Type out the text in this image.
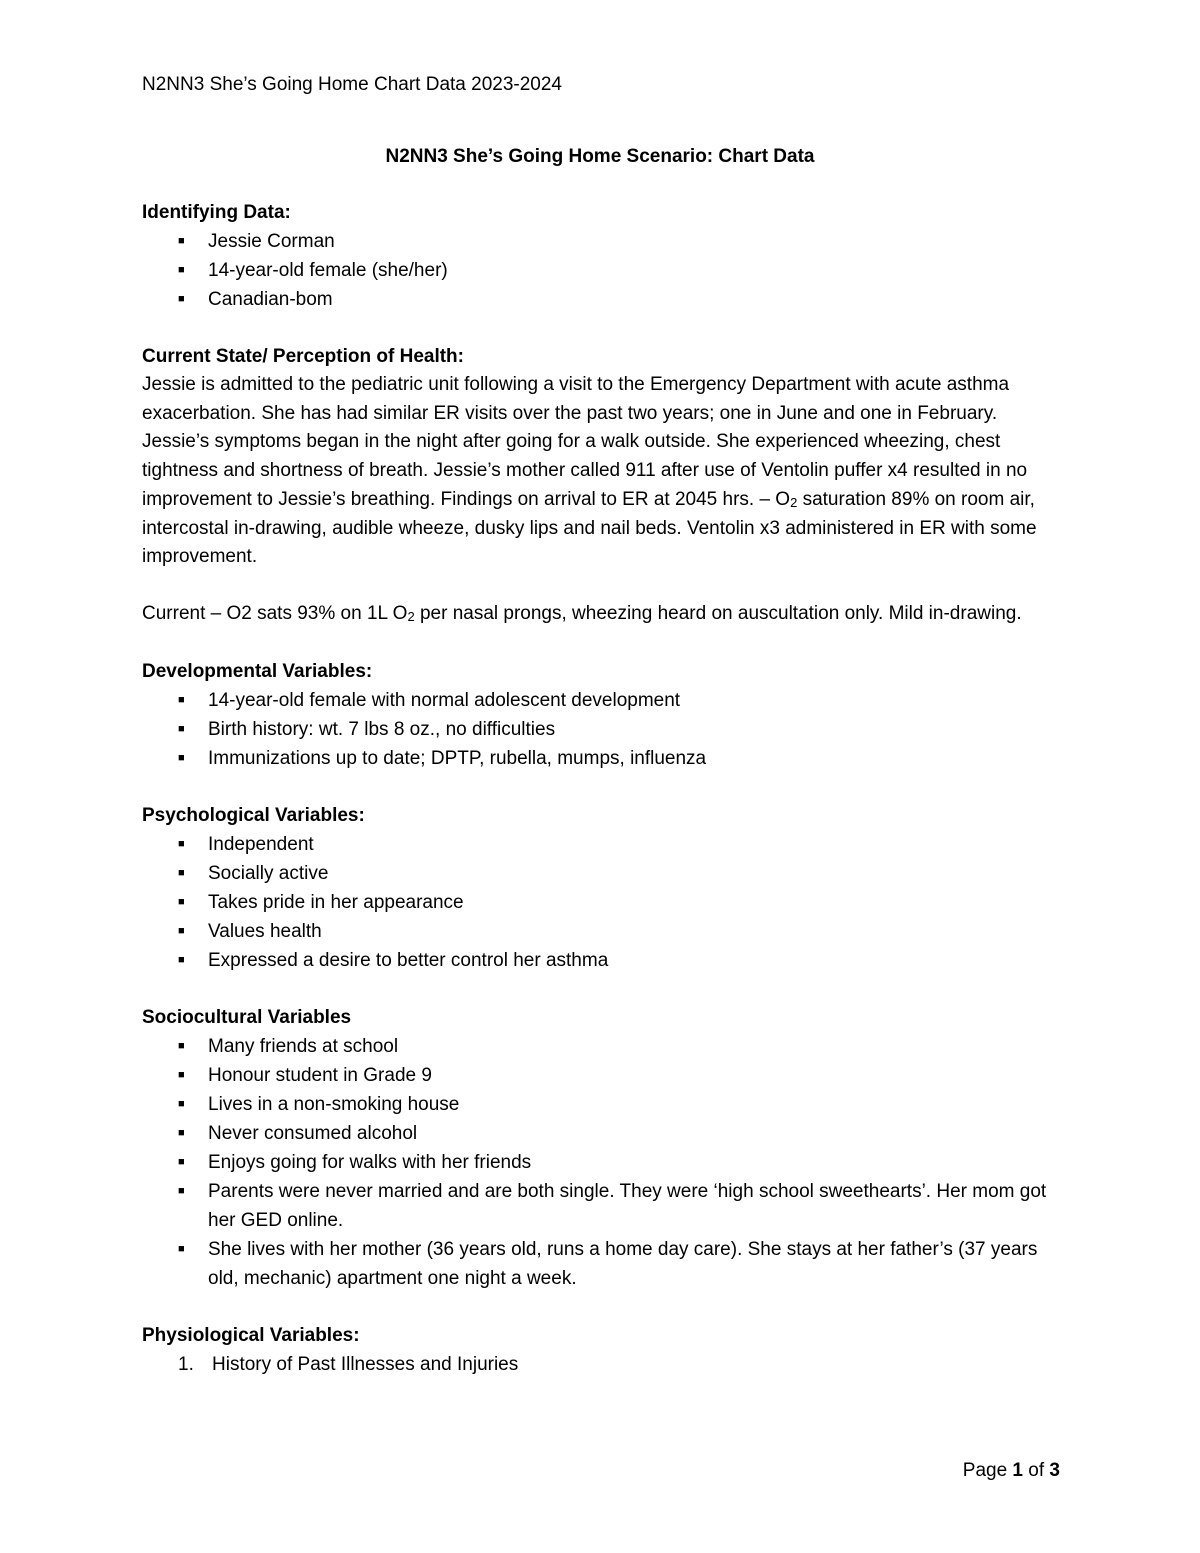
N2NN3 She’s Going Home Chart Data 2023-2024
N2NN3 She’s Going Home Scenario: Chart Data
Identifying Data:
■ Jessie Corman
■ 14-year-old female (she/her)
■ Canadian-bom
Current State/ Perception of Health:

Jessie is admitted to the pediatric unit following a visit to the Emergency Department with acute asthma exacerbation. She has had similar ER visits over the past two years; one in June and one in February. Jessie’s symptoms began in the night after going for a walk outside. She experienced wheezing, chest tightness and shortness of breath. Jessie’s mother called 911 after use of Ventolin puffer x4 resulted in no improvement to Jessie’s breathing. Findings on arrival to ER at 2045 hrs. – $O_2$ saturation 89% on room air, intercostal in-drawing, audible wheeze, dusky lips and nail beds. Ventolin x3 administered in ER with some improvement.

Current – O2 sats 93% on 1L $O_2$ per nasal prongs, wheezing heard on auscultation only. Mild in-drawing.

Developmental Variables:
■ 14-year-old female with normal adolescent development
■ Birth history: wt. 7 lbs 8 oz., no difficulties
■ Immunizations up to date; DPTP, rubella, mumps, influenza
Psychological Variables:
■ Independent
■ Socially active
■ Takes pride in her appearance
■ Values health
■ Expressed a desire to better control her asthma
Sociocultural Variables
■ Many friends at school
■ Honour student in Grade 9
■ Lives in a non-smoking house
■ Never consumed alcohol
■ Enjoys going for walks with her friends
■ Parents were never married and are both single. They were ‘high school sweethearts’. Her mom got her GED online.
■ She lives with her mother (36 years old, runs a home day care). She stays at her father’s (37 years old, mechanic) apartment one night a week.
Physiological Variables:
1. History of Past Illnesses and Injuries
Page 1 of 3
